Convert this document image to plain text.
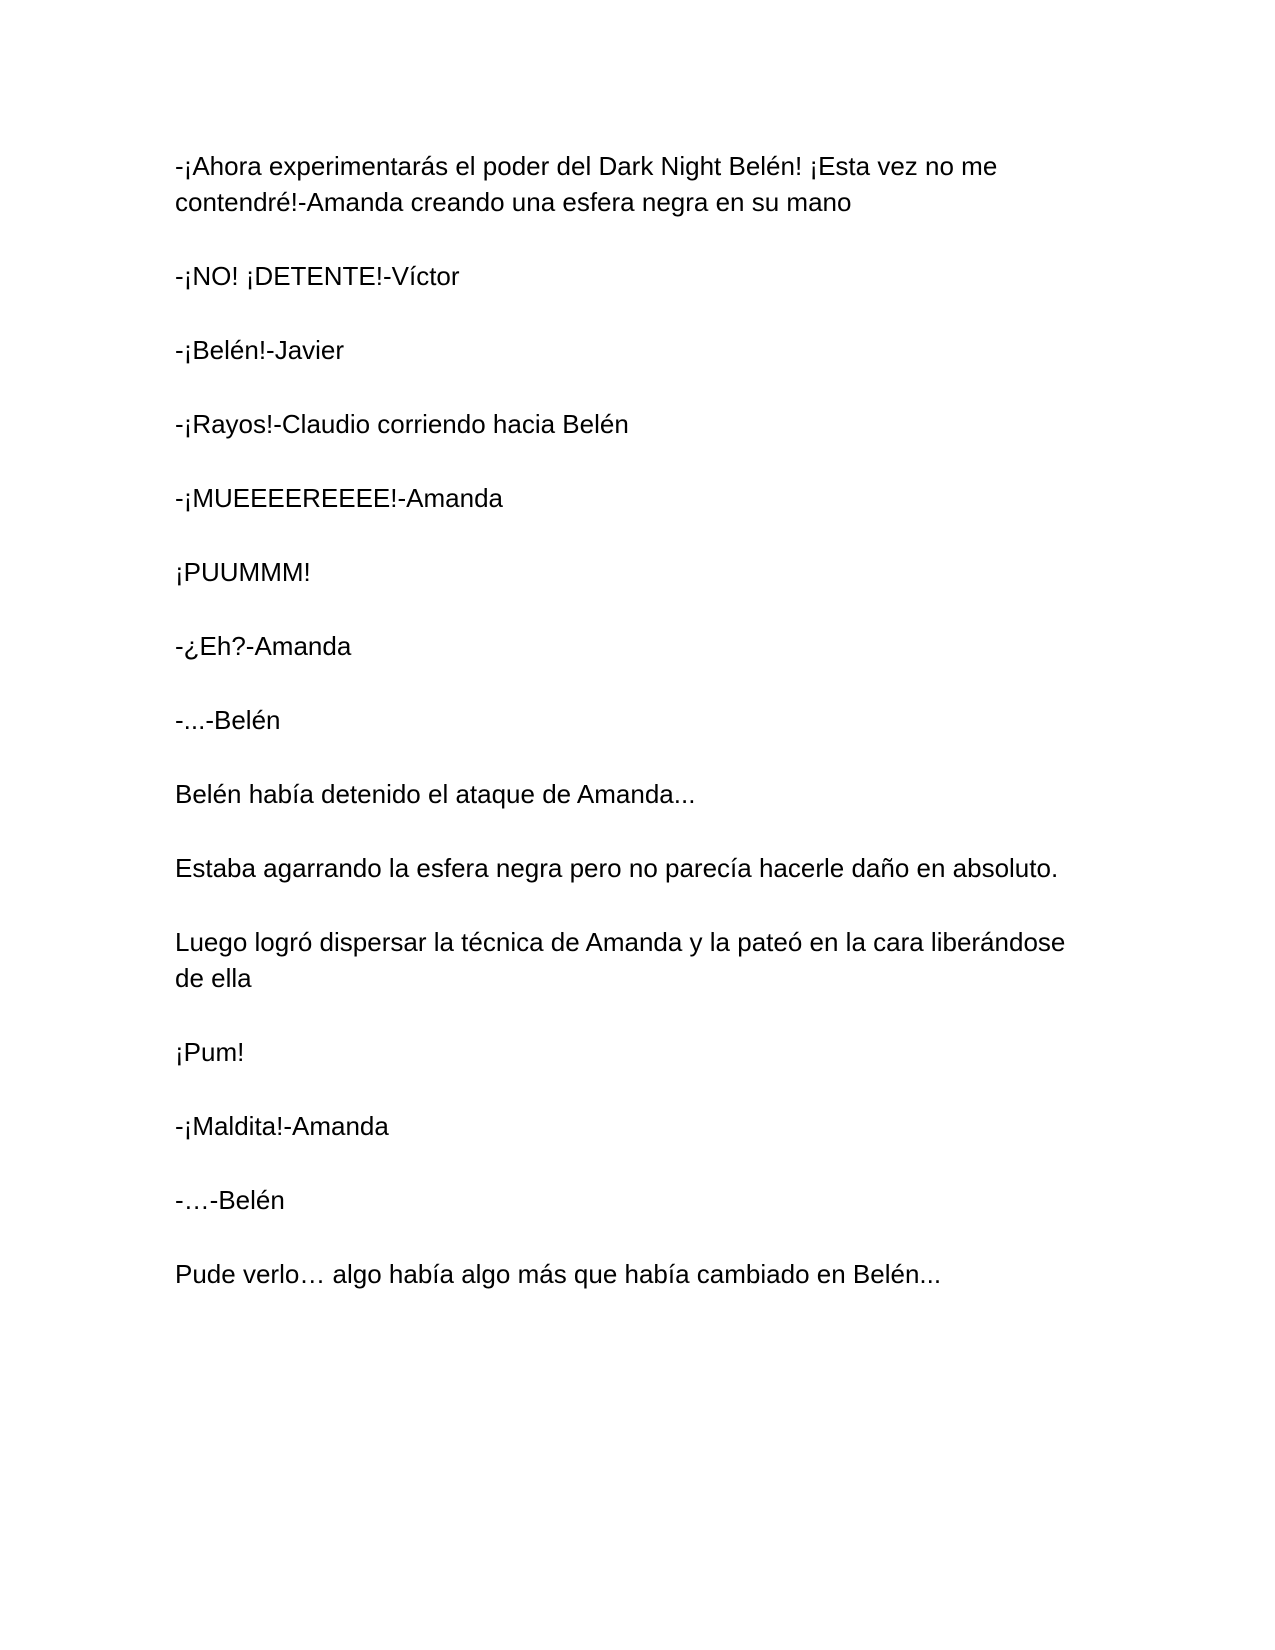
-¡Ahora experimentarás el poder del Dark Night Belén! ¡Esta vez no me contendré!-Amanda creando una esfera negra en su mano

-¡NO! ¡DETENTE!-Víctor

-¡Belén!-Javier

-¡Rayos!-Claudio corriendo hacia Belén

-¡MUEEEEREEEE!-Amanda

¡PUUMMM!

-¿Eh?-Amanda

-...-Belén

Belén había detenido el ataque de Amanda...

Estaba agarrando la esfera negra pero no parecía hacerle daño en absoluto.

Luego logró dispersar la técnica de Amanda y la pateó en la cara liberándose de ella

¡Pum!

-¡Maldita!-Amanda

-…-Belén

Pude verlo… algo había algo más que había cambiado en Belén...
